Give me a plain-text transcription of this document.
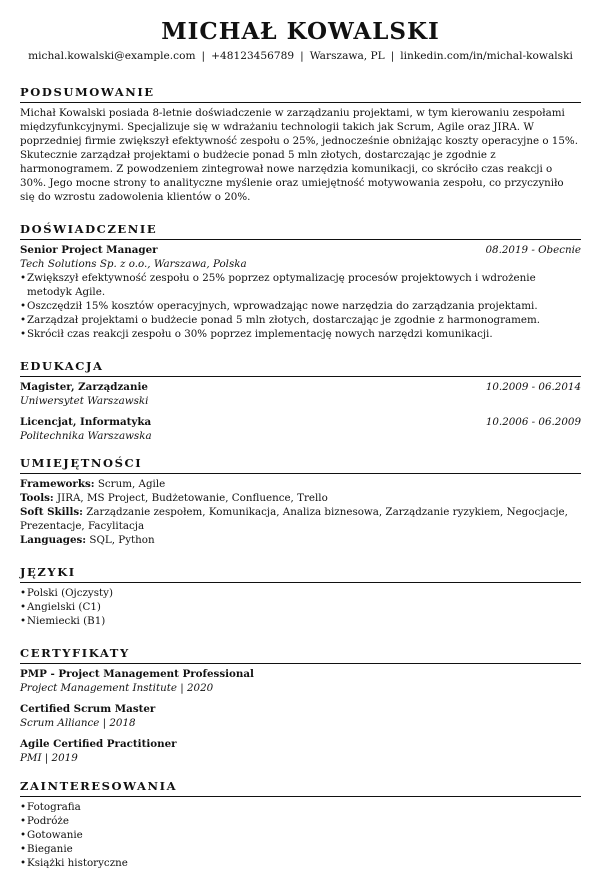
MICHAŁ KOWALSKI
michal.kowalski@example.com | +48123456789 | Warszawa, PL | linkedin.com/in/michal-kowalski
PODSUMOWANIE
Michał Kowalski posiada 8-letnie doświadczenie w zarządzaniu projektami, w tym kierowaniu zespołami międzyfunkcyjnymi. Specjalizuje się w wdrażaniu technologii takich jak Scrum, Agile oraz JIRA. W poprzedniej firmie zwiększył efektywność zespołu o 25%, jednocześnie obniżając koszty operacyjne o 15%. Skutecznie zarządzał projektami o budżecie ponad 5 mln złotych, dostarczając je zgodnie z harmonogramem. Z powodzeniem zintegrował nowe narzędzia komunikacji, co skróciło czas reakcji o 30%. Jego mocne strony to analityczne myślenie oraz umiejętność motywowania zespołu, co przyczyniło się do wzrostu zadowolenia klientów o 20%.
DOŚWIADCZENIE
Senior Project Manager	08.2019 - Obecnie
Tech Solutions Sp. z o.o., Warszawa, Polska
• Zwiększył efektywność zespołu o 25% poprzez optymalizację procesów projektowych i wdrożenie metodyk Agile.
• Oszczędził 15% kosztów operacyjnych, wprowadzając nowe narzędzia do zarządzania projektami.
• Zarządzał projektami o budżecie ponad 5 mln złotych, dostarczając je zgodnie z harmonogramem.
• Skrócił czas reakcji zespołu o 30% poprzez implementację nowych narzędzi komunikacji.
EDUKACJA
Magister, Zarządzanie	10.2009 - 06.2014
Uniwersytet Warszawski
Licencjat, Informatyka	10.2006 - 06.2009
Politechnika Warszawska
UMIEJĘTNOŚCI
Frameworks: Scrum, Agile
Tools: JIRA, MS Project, Budżetowanie, Confluence, Trello
Soft Skills: Zarządzanie zespołem, Komunikacja, Analiza biznesowa, Zarządzanie ryzykiem, Negocjacje, Prezentacje, Facylitacja
Languages: SQL, Python
JĘZYKI
• Polski (Ojczysty)
• Angielski (C1)
• Niemiecki (B1)
CERTYFIKATY
PMP - Project Management Professional
Project Management Institute | 2020
Certified Scrum Master
Scrum Alliance | 2018
Agile Certified Practitioner
PMI | 2019
ZAINTERESOWANIA
• Fotografia
• Podróże
• Gotowanie
• Bieganie
• Książki historyczne
